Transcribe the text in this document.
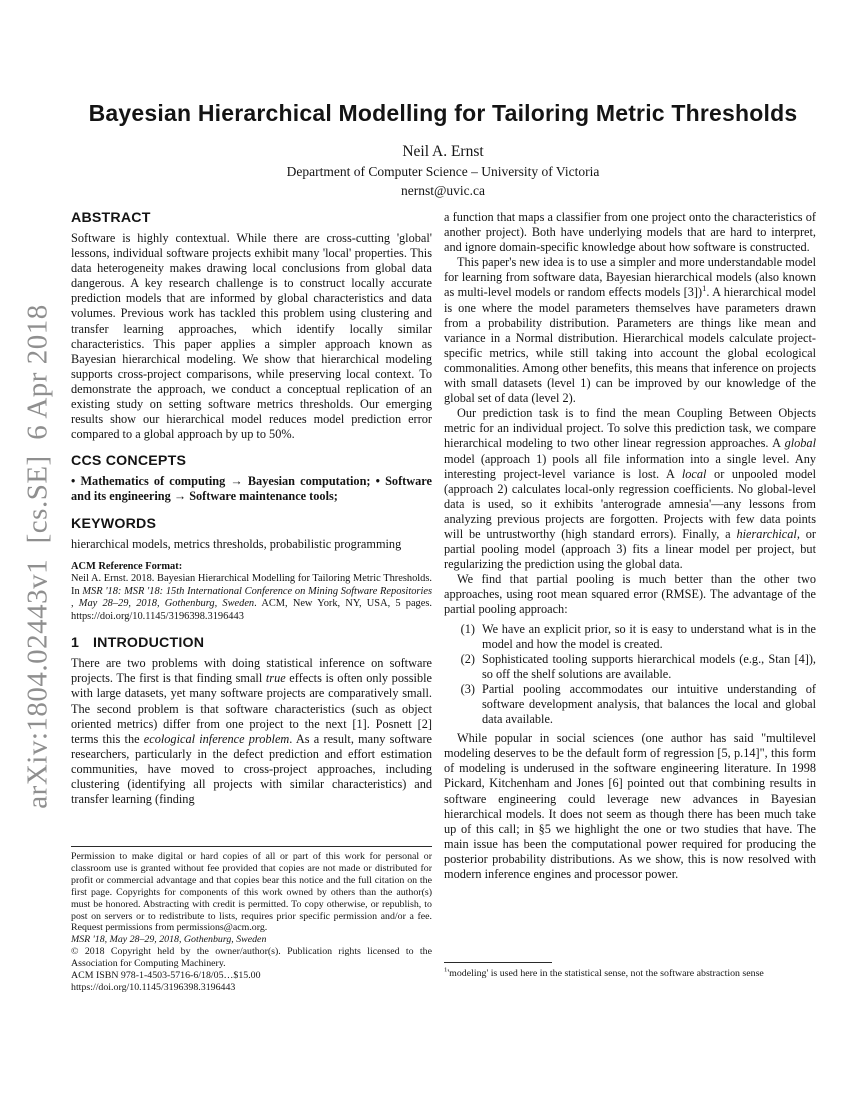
arXiv:1804.02443v1  [cs.SE]  6 Apr 2018
Bayesian Hierarchical Modelling for Tailoring Metric Thresholds

Neil A. Ernst

Department of Computer Science – University of Victoria

nernst@uvic.ca
ABSTRACT

Software is highly contextual. While there are cross-cutting 'global' lessons, individual software projects exhibit many 'local' properties. This data heterogeneity makes drawing local conclusions from global data dangerous. A key research challenge is to construct locally accurate prediction models that are informed by global characteristics and data volumes. Previous work has tackled this problem using clustering and transfer learning approaches, which identify locally similar characteristics. This paper applies a simpler approach known as Bayesian hierarchical modeling. We show that hierarchical modeling supports cross-project comparisons, while preserving local context. To demonstrate the approach, we conduct a conceptual replication of an existing study on setting software metrics thresholds. Our emerging results show our hierarchical model reduces model prediction error compared to a global approach by up to 50%.

CCS CONCEPTS

• Mathematics of computing → Bayesian computation; • Software and its engineering → Software maintenance tools;

KEYWORDS

hierarchical models, metrics thresholds, probabilistic programming

ACM Reference Format:

Neil A. Ernst. 2018. Bayesian Hierarchical Modelling for Tailoring Metric Thresholds. In MSR '18: MSR '18: 15th International Conference on Mining Software Repositories , May 28–29, 2018, Gothenburg, Sweden. ACM, New York, NY, USA, 5 pages. https://doi.org/10.1145/3196398.3196443

1 INTRODUCTION

There are two problems with doing statistical inference on software projects. The first is that finding small true effects is often only possible with large datasets, yet many software projects are comparatively small. The second problem is that software characteristics (such as object oriented metrics) differ from one project to the next [1]. Posnett [2] terms this the ecological inference problem. As a result, many software researchers, particularly in the defect prediction and effort estimation communities, have moved to cross-project approaches, including clustering (identifying all projects with similar characteristics) and transfer learning (finding

a function that maps a classifier from one project onto the characteristics of another project). Both have underlying models that are hard to interpret, and ignore domain-specific knowledge about how software is constructed.

This paper's new idea is to use a simpler and more understandable model for learning from software data, Bayesian hierarchical models (also known as multi-level models or random effects models [3])$^1$. A hierarchical model is one where the model parameters themselves have parameters drawn from a probability distribution. Parameters are things like mean and variance in a Normal distribution. Hierarchical models calculate project-specific metrics, while still taking into account the global ecological commonalities. Among other benefits, this means that inference on projects with small datasets (level 1) can be improved by our knowledge of the global set of data (level 2).

Our prediction task is to find the mean Coupling Between Objects metric for an individual project. To solve this prediction task, we compare hierarchical modeling to two other linear regression approaches. A global model (approach 1) pools all file information into a single level. Any interesting project-level variance is lost. A local or unpooled model (approach 2) calculates local-only regression coefficients. No global-level data is used, so it exhibits 'anterograde amnesia'—any lessons from analyzing previous projects are forgotten. Projects with few data points will be untrustworthy (high standard errors). Finally, a hierarchical, or partial pooling model (approach 3) fits a linear model per project, but regularizing the prediction using the global data.

We find that partial pooling is much better than the other two approaches, using root mean squared error (RMSE). The advantage of the partial pooling approach:

(1) We have an explicit prior, so it is easy to understand what is in the model and how the model is created.
(2) Sophisticated tooling supports hierarchical models (e.g., Stan [4]), so off the shelf solutions are available.
(3) Partial pooling accommodates our intuitive understanding of software development analysis, that balances the local and global data available.

While popular in social sciences (one author has said "multilevel modeling deserves to be the default form of regression [5, p.14]", this form of modeling is underused in the software engineering literature. In 1998 Pickard, Kitchenham and Jones [6] pointed out that combining results in software engineering could leverage new advances in Bayesian hierarchical models. It does not seem as though there has been much take up of this call; in §5 we highlight the one or two studies that have. The main issue has been the computational power required for producing the posterior probability distributions. As we show, this is now resolved with modern inference engines and processor power.

Permission to make digital or hard copies of all or part of this work for personal or classroom use is granted without fee provided that copies are not made or distributed for profit or commercial advantage and that copies bear this notice and the full citation on the first page. Copyrights for components of this work owned by others than the author(s) must be honored. Abstracting with credit is permitted. To copy otherwise, or republish, to post on servers or to redistribute to lists, requires prior specific permission and/or a fee. Request permissions from permissions@acm.org.

MSR '18, May 28–29, 2018, Gothenburg, Sweden

© 2018 Copyright held by the owner/author(s). Publication rights licensed to the Association for Computing Machinery.

ACM ISBN 978-1-4503-5716-6/18/05…$15.00

https://doi.org/10.1145/3196398.3196443

$^1$'modeling' is used here in the statistical sense, not the software abstraction sense
